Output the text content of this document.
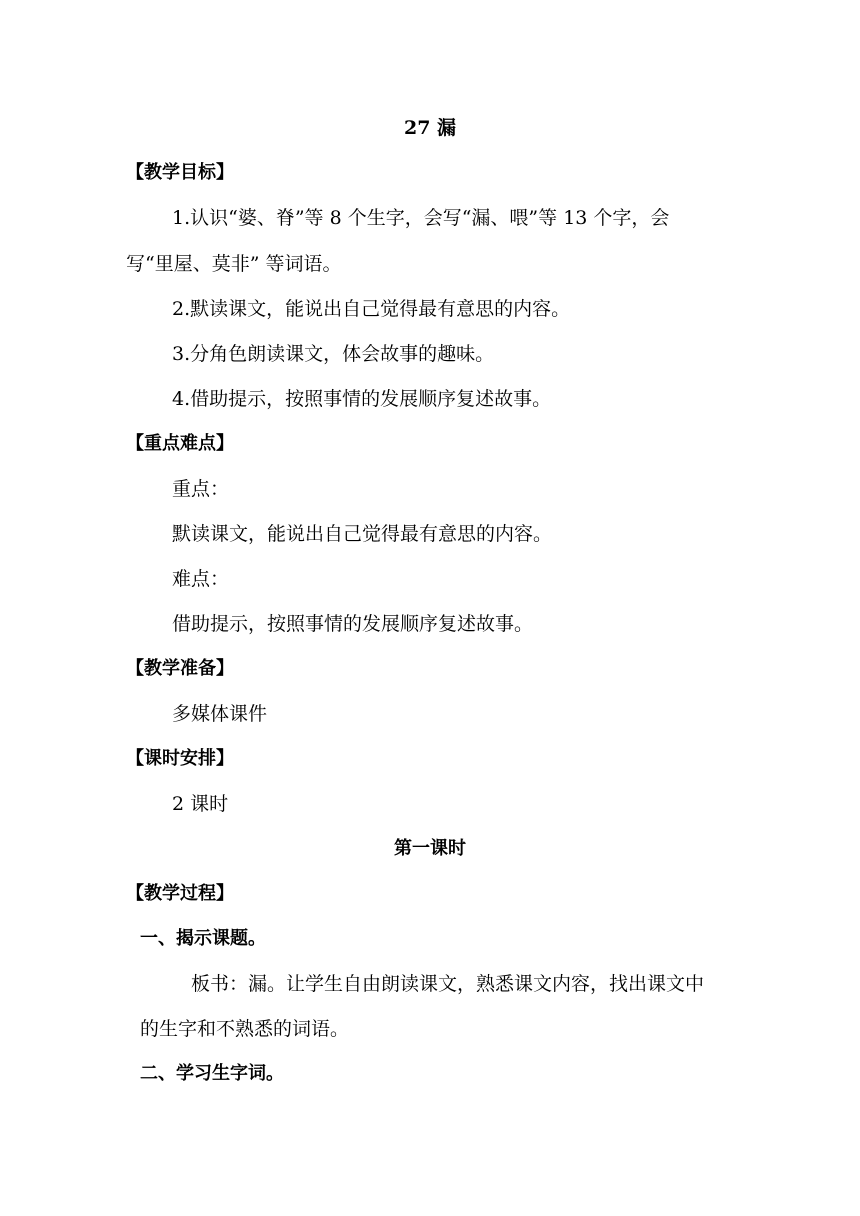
27 漏
【教学目标】
1.认识“婆、脊”等 8 个生字，会写“漏、喂”等 13 个字，会
写“里屋、莫非” 等词语。
2.默读课文，能说出自己觉得最有意思的内容。
3.分角色朗读课文，体会故事的趣味。
4.借助提示，按照事情的发展顺序复述故事。
【重点难点】
重点：
默读课文，能说出自己觉得最有意思的内容。
难点：
借助提示，按照事情的发展顺序复述故事。
【教学准备】
多媒体课件
【课时安排】
2 课时
第一课时
【教学过程】
一、揭示课题。
板书：漏。让学生自由朗读课文，熟悉课文内容，找出课文中
的生字和不熟悉的词语。
二、学习生字词。
